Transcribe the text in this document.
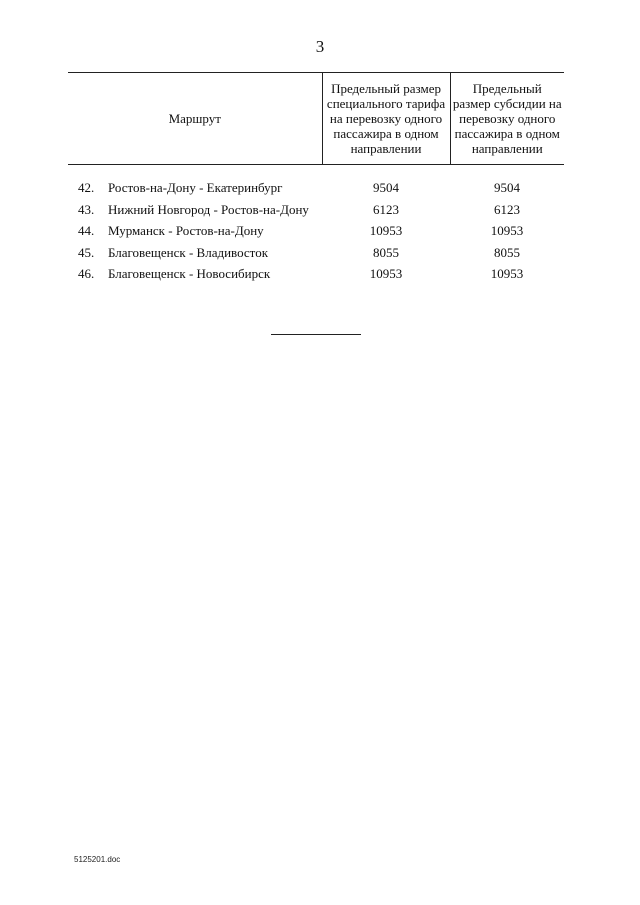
3
Маршрут		Предельный размер специального тарифа на перевозку одного пассажира в одном направлении	Предельный размер субсидии на перевозку одного пассажира в одном направлении
42.	Ростов-на-Дону - Екатеринбург	9504	9504
43.	Нижний Новгород - Ростов-на-Дону	6123	6123
44.	Мурманск - Ростов-на-Дону	10953	10953
45.	Благовещенск - Владивосток	8055	8055
46.	Благовещенск - Новосибирск	10953	10953
5125201.doc
